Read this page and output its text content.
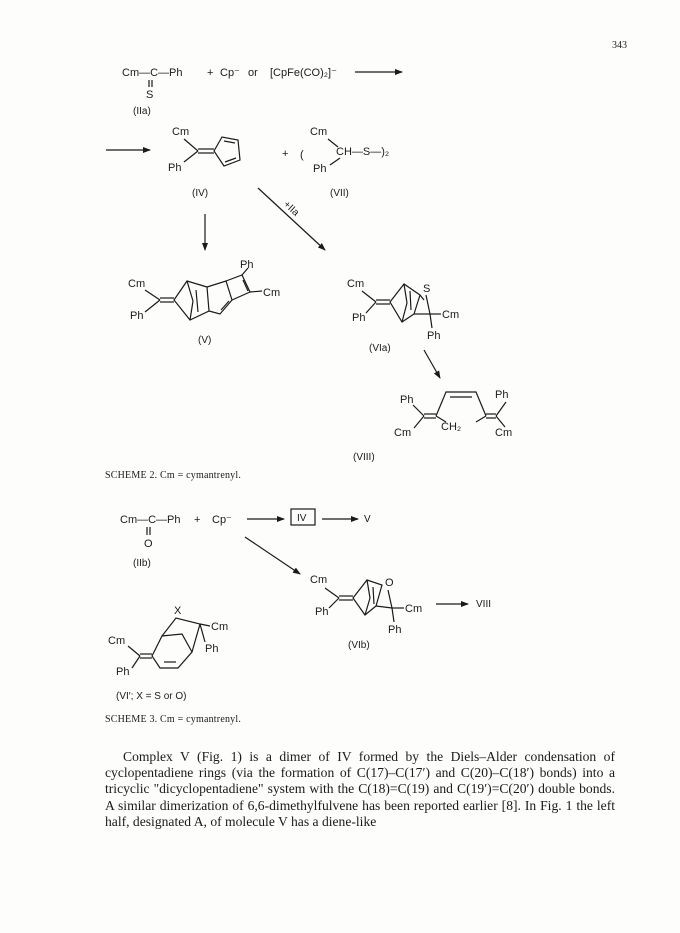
343

Cm—C—Ph
S
+ Cp⁻ or [CpFe(CO)₂]⁻
(IIa)
Cm
Ph
+
Cm
(	CH—S—)₂
Ph
(IV)	(VII)
+IIa
Ph
Cm
Cm
Ph
(V)
Cm	S
Cm
Ph
Ph
(VIa)
Ph	Ph
Cm	CH₂	Cm
(VIII)
Cm—C—Ph
O
+ Cp⁻	IV	V
(IIb)
Cm	O
Ph	Cm
Ph
VIII
(VIb)
X
Cm
Cm
Ph
Ph
(VI′; X = S or O)

SCHEME 2. Cm = cymantrenyl.

SCHEME 3. Cm = cymantrenyl.

Complex V (Fig. 1) is a dimer of IV formed by the Diels–Alder condensation of cyclopentadiene rings (via the formation of C(17)–C(17′) and C(20)–C(18′) bonds) into a tricyclic "dicyclopentadiene" system with the C(18)=C(19) and C(19′)=C(20′) double bonds. A similar dimerization of 6,6-dimethylfulvene has been reported earlier [8]. In Fig. 1 the left half, designated A, of molecule V has a diene-like
